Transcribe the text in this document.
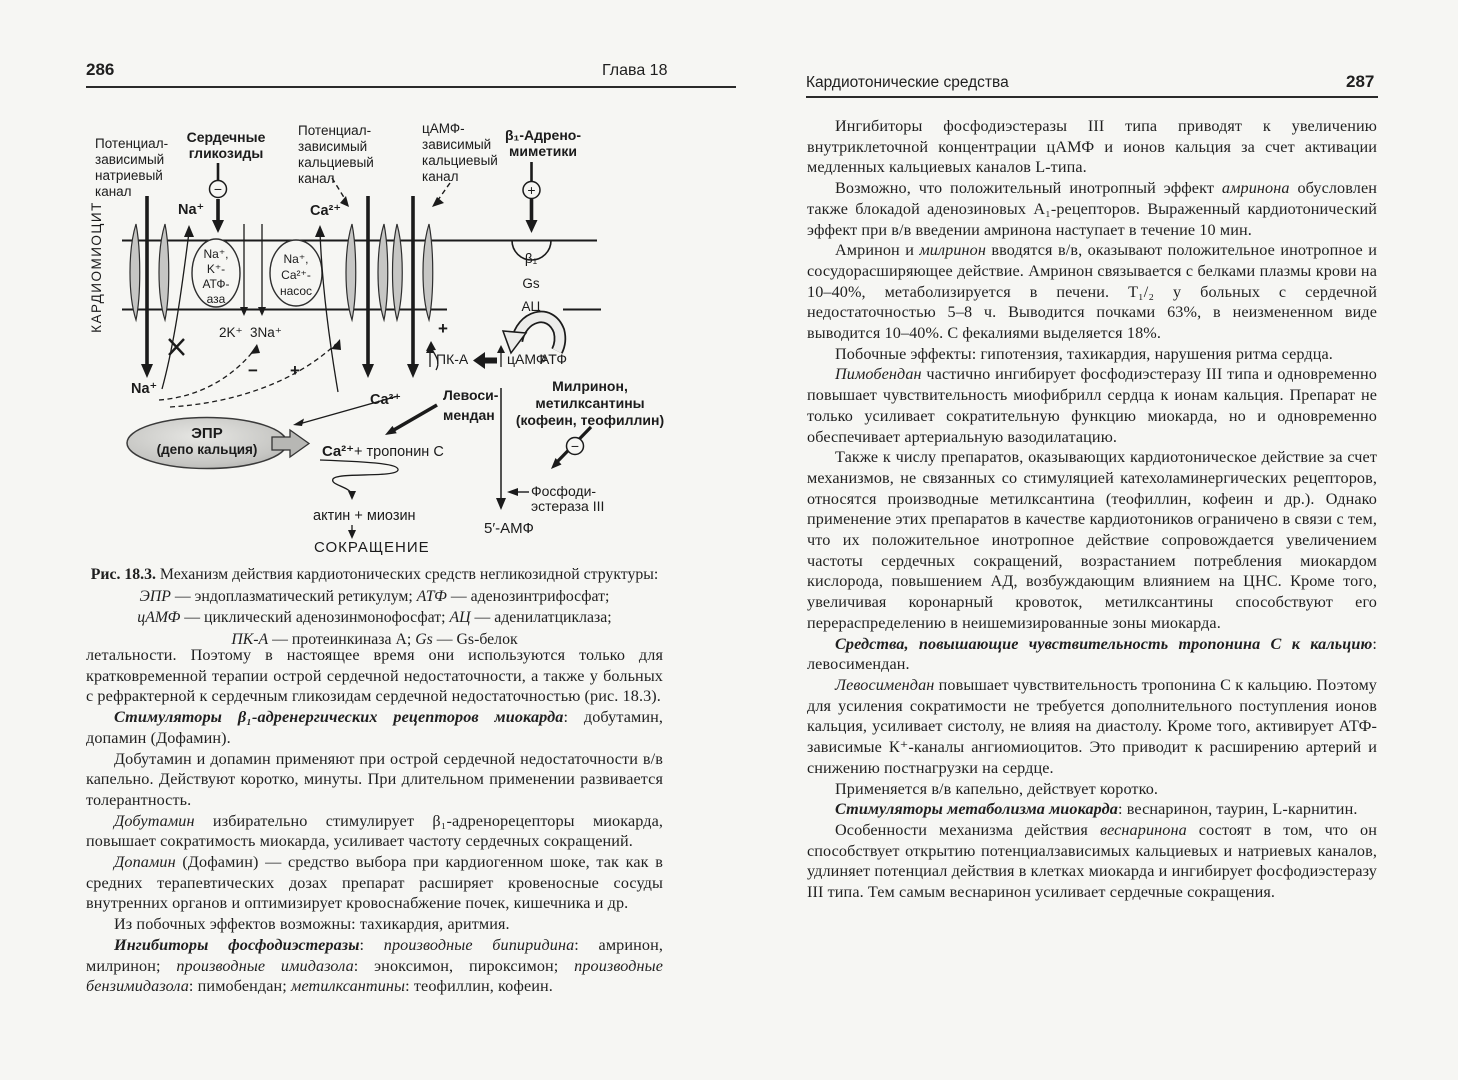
286	Глава 18
Кардиотонические средства	287
КАРДИОМИОЦИТ	Na⁺,
K⁺-
АТФ-
аза
Na⁺,
Ca²⁺-
насос
2K⁺ 3Na⁺
Потенциал-
зависимый
натриевый
канал
Сердечные
гликозиды
−
Потенциал-
зависимый
кальциевый
канал
цАМФ-
зависимый
кальциевый
канал
β₁-Адрено-
миметики
+
Na⁺	Ca²⁺
Na⁺
− +
β₁
Gs
АЦ
+
ПК-А	цАМФ
АТФ
Милринон,
метилксантины
(кофеин, теофиллин)
Левоси-
мендан
Ca²⁺
ЭПР
(депо кальция)	Ca²⁺ + тропонин С
актин + миозин
СОКРАЩЕНИЕ
5′-АМФ
−
Фосфоди-
эстераза III
Рис. 18.3. Механизм действия кардиотонических средств негликозидной структуры:
ЭПР — эндоплазматический ретикулум; АТФ — аденозинтрифосфат;
цАМФ — циклический аденозинмонофосфат; АЦ — аденилатциклаза;
ПК-А — протеинкиназа А; Gs — Gs-белок

летальности. Поэтому в настоящее время они используются только для кратковременной терапии острой сердечной недостаточности, а также у больных с рефрактерной к сердечным гликозидам сердечной недостаточностью (рис. 18.3).

Стимуляторы β₁-адренергических рецепторов миокарда: добутамин, допамин (Дофамин).

Добутамин и допамин применяют при острой сердечной недостаточности в/в капельно. Действуют коротко, минуты. При длительном применении развивается толерантность.

Добутамин избирательно стимулирует β₁-адренорецепторы миокарда, повышает сократимость миокарда, усиливает частоту сердечных сокращений.

Допамин (Дофамин) — средство выбора при кардиогенном шоке, так как в средних терапевтических дозах препарат расширяет кровеносные сосуды внутренних органов и оптимизирует кровоснабжение почек, кишечника и др.

Из побочных эффектов возможны: тахикардия, аритмия.

Ингибиторы фосфодиэстеразы: производные бипиридина: амринон, милринон; производные имидазола: эноксимон, пироксимон; производные бензимидазола: пимобендан; метилксантины: теофиллин, кофеин.

Ингибиторы фосфодиэстеразы III типа приводят к увеличению внутриклеточной концентрации цАМФ и ионов кальция за счет активации медленных кальциевых каналов L-типа.

Возможно, что положительный инотропный эффект амринона обусловлен также блокадой аденозиновых А₁-рецепторов. Выраженный кардиотонический эффект при в/в введении амринона наступает в течение 10 мин.

Амринон и милринон вводятся в/в, оказывают положительное инотропное и сосудорасширяющее действие. Амринон связывается с белками плазмы крови на 10–40%, метаболизируется в печени. Т₁/₂ у больных с сердечной недостаточностью 5–8 ч. Выводится почками 63%, в неизмененном виде выводится 10–40%. С фекалиями выделяется 18%.

Побочные эффекты: гипотензия, тахикардия, нарушения ритма сердца.

Пимобендан частично ингибирует фосфодиэстеразу III типа и одновременно повышает чувствительность миофибрилл сердца к ионам кальция. Препарат не только усиливает сократительную функцию миокарда, но и одновременно обеспечивает артериальную вазодилатацию.

Также к числу препаратов, оказывающих кардиотоническое действие за счет механизмов, не связанных со стимуляцией катехоламинергических рецепторов, относятся производные метилксантина (теофиллин, кофеин и др.). Однако применение этих препаратов в качестве кардиотоников ограничено в связи с тем, что их положительное инотропное действие сопровождается увеличением частоты сердечных сокращений, возрастанием потребления миокардом кислорода, повышением АД, возбуждающим влиянием на ЦНС. Кроме того, увеличивая коронарный кровоток, метилксантины способствуют его перераспределению в неишемизированные зоны миокарда.

Средства, повышающие чувствительность тропонина С к кальцию: левосимендан.

Левосимендан повышает чувствительность тропонина С к кальцию. Поэтому для усиления сократимости не требуется дополнительного поступления ионов кальция, усиливает систолу, не влияя на диастолу. Кроме того, активирует АТФ-зависимые К⁺-каналы ангиомиоцитов. Это приводит к расширению артерий и снижению постнагрузки на сердце.

Применяется в/в капельно, действует коротко.

Стимуляторы метаболизма миокарда: веснаринон, таурин, L-карнитин.

Особенности механизма действия веснаринона состоят в том, что он способствует открытию потенциалзависимых кальциевых и натриевых каналов, удлиняет потенциал действия в клетках миокарда и ингибирует фосфодиэстеразу III типа. Тем самым веснаринон усиливает сердечные сокращения.
